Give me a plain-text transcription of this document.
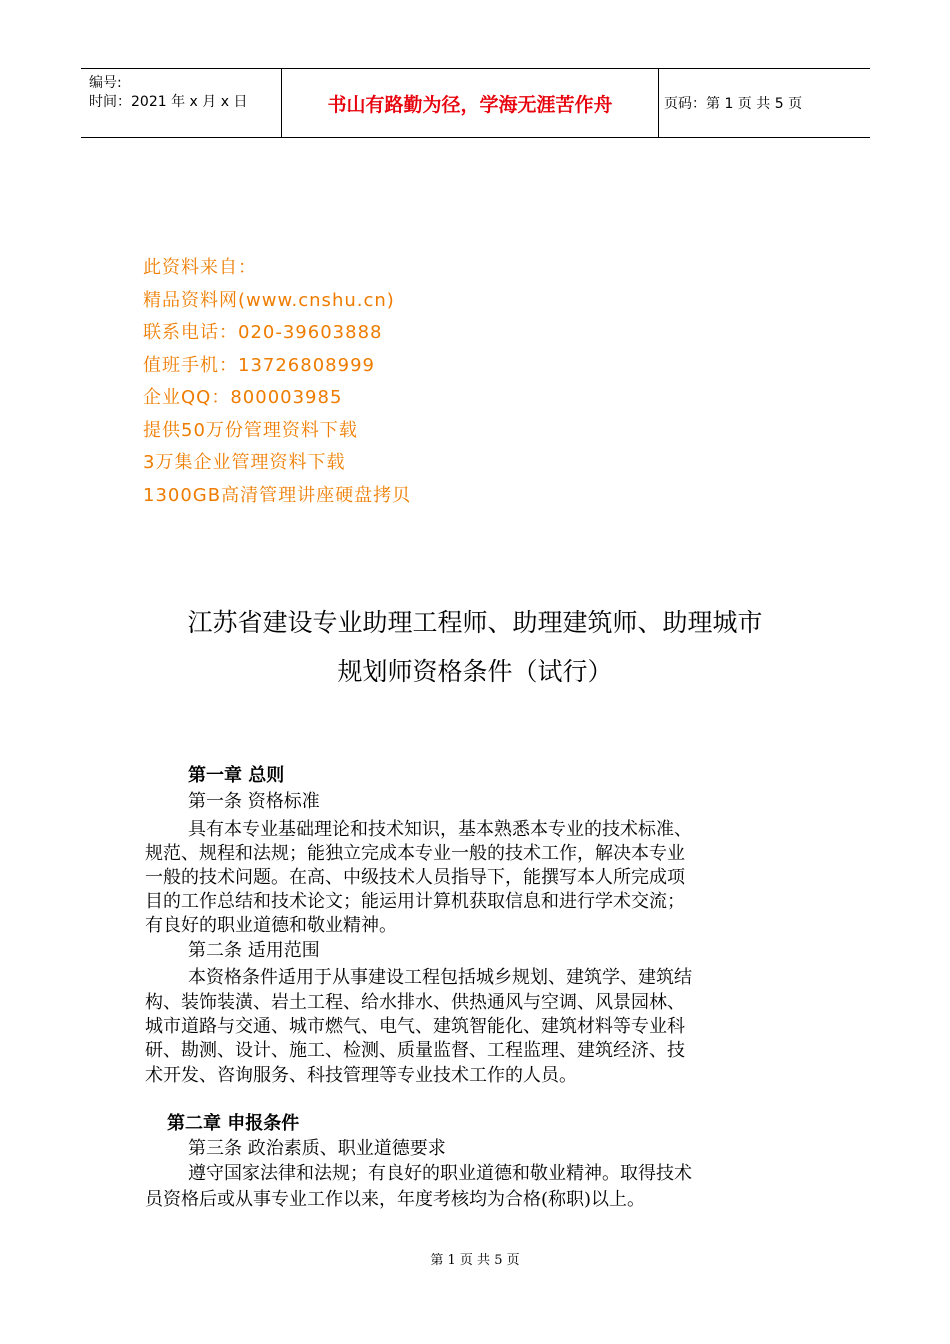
编号:
时间：2021 年 x 月 x 日	书山有路勤为径，学海无涯苦作舟	页码：第 1 页 共 5 页
此资料来自：
精品资料网(www.cnshu.cn)
联系电话：020-39603888
值班手机：13726808999
企业QQ：800003985
提供50万份管理资料下载
3万集企业管理资料下载
1300GB高清管理讲座硬盘拷贝
江苏省建设专业助理工程师、助理建筑师、助理城市
规划师资格条件（试行）
第一章 总则
第一条 资格标准
具有本专业基础理论和技术知识，基本熟悉本专业的技术标准、
规范、规程和法规；能独立完成本专业一般的技术工作，解决本专业
一般的技术问题。在高、中级技术人员指导下，能撰写本人所完成项
目的工作总结和技术论文；能运用计算机获取信息和进行学术交流；
有良好的职业道德和敬业精神。
第二条 适用范围
本资格条件适用于从事建设工程包括城乡规划、建筑学、建筑结
构、装饰装潢、岩土工程、给水排水、供热通风与空调、风景园林、
城市道路与交通、城市燃气、电气、建筑智能化、建筑材料等专业科
研、勘测、设计、施工、检测、质量监督、工程监理、建筑经济、技
术开发、咨询服务、科技管理等专业技术工作的人员。
第二章 申报条件
第三条 政治素质、职业道德要求
遵守国家法律和法规；有良好的职业道德和敬业精神。取得技术
员资格后或从事专业工作以来，年度考核均为合格(称职)以上。
第 1 页 共 5 页
